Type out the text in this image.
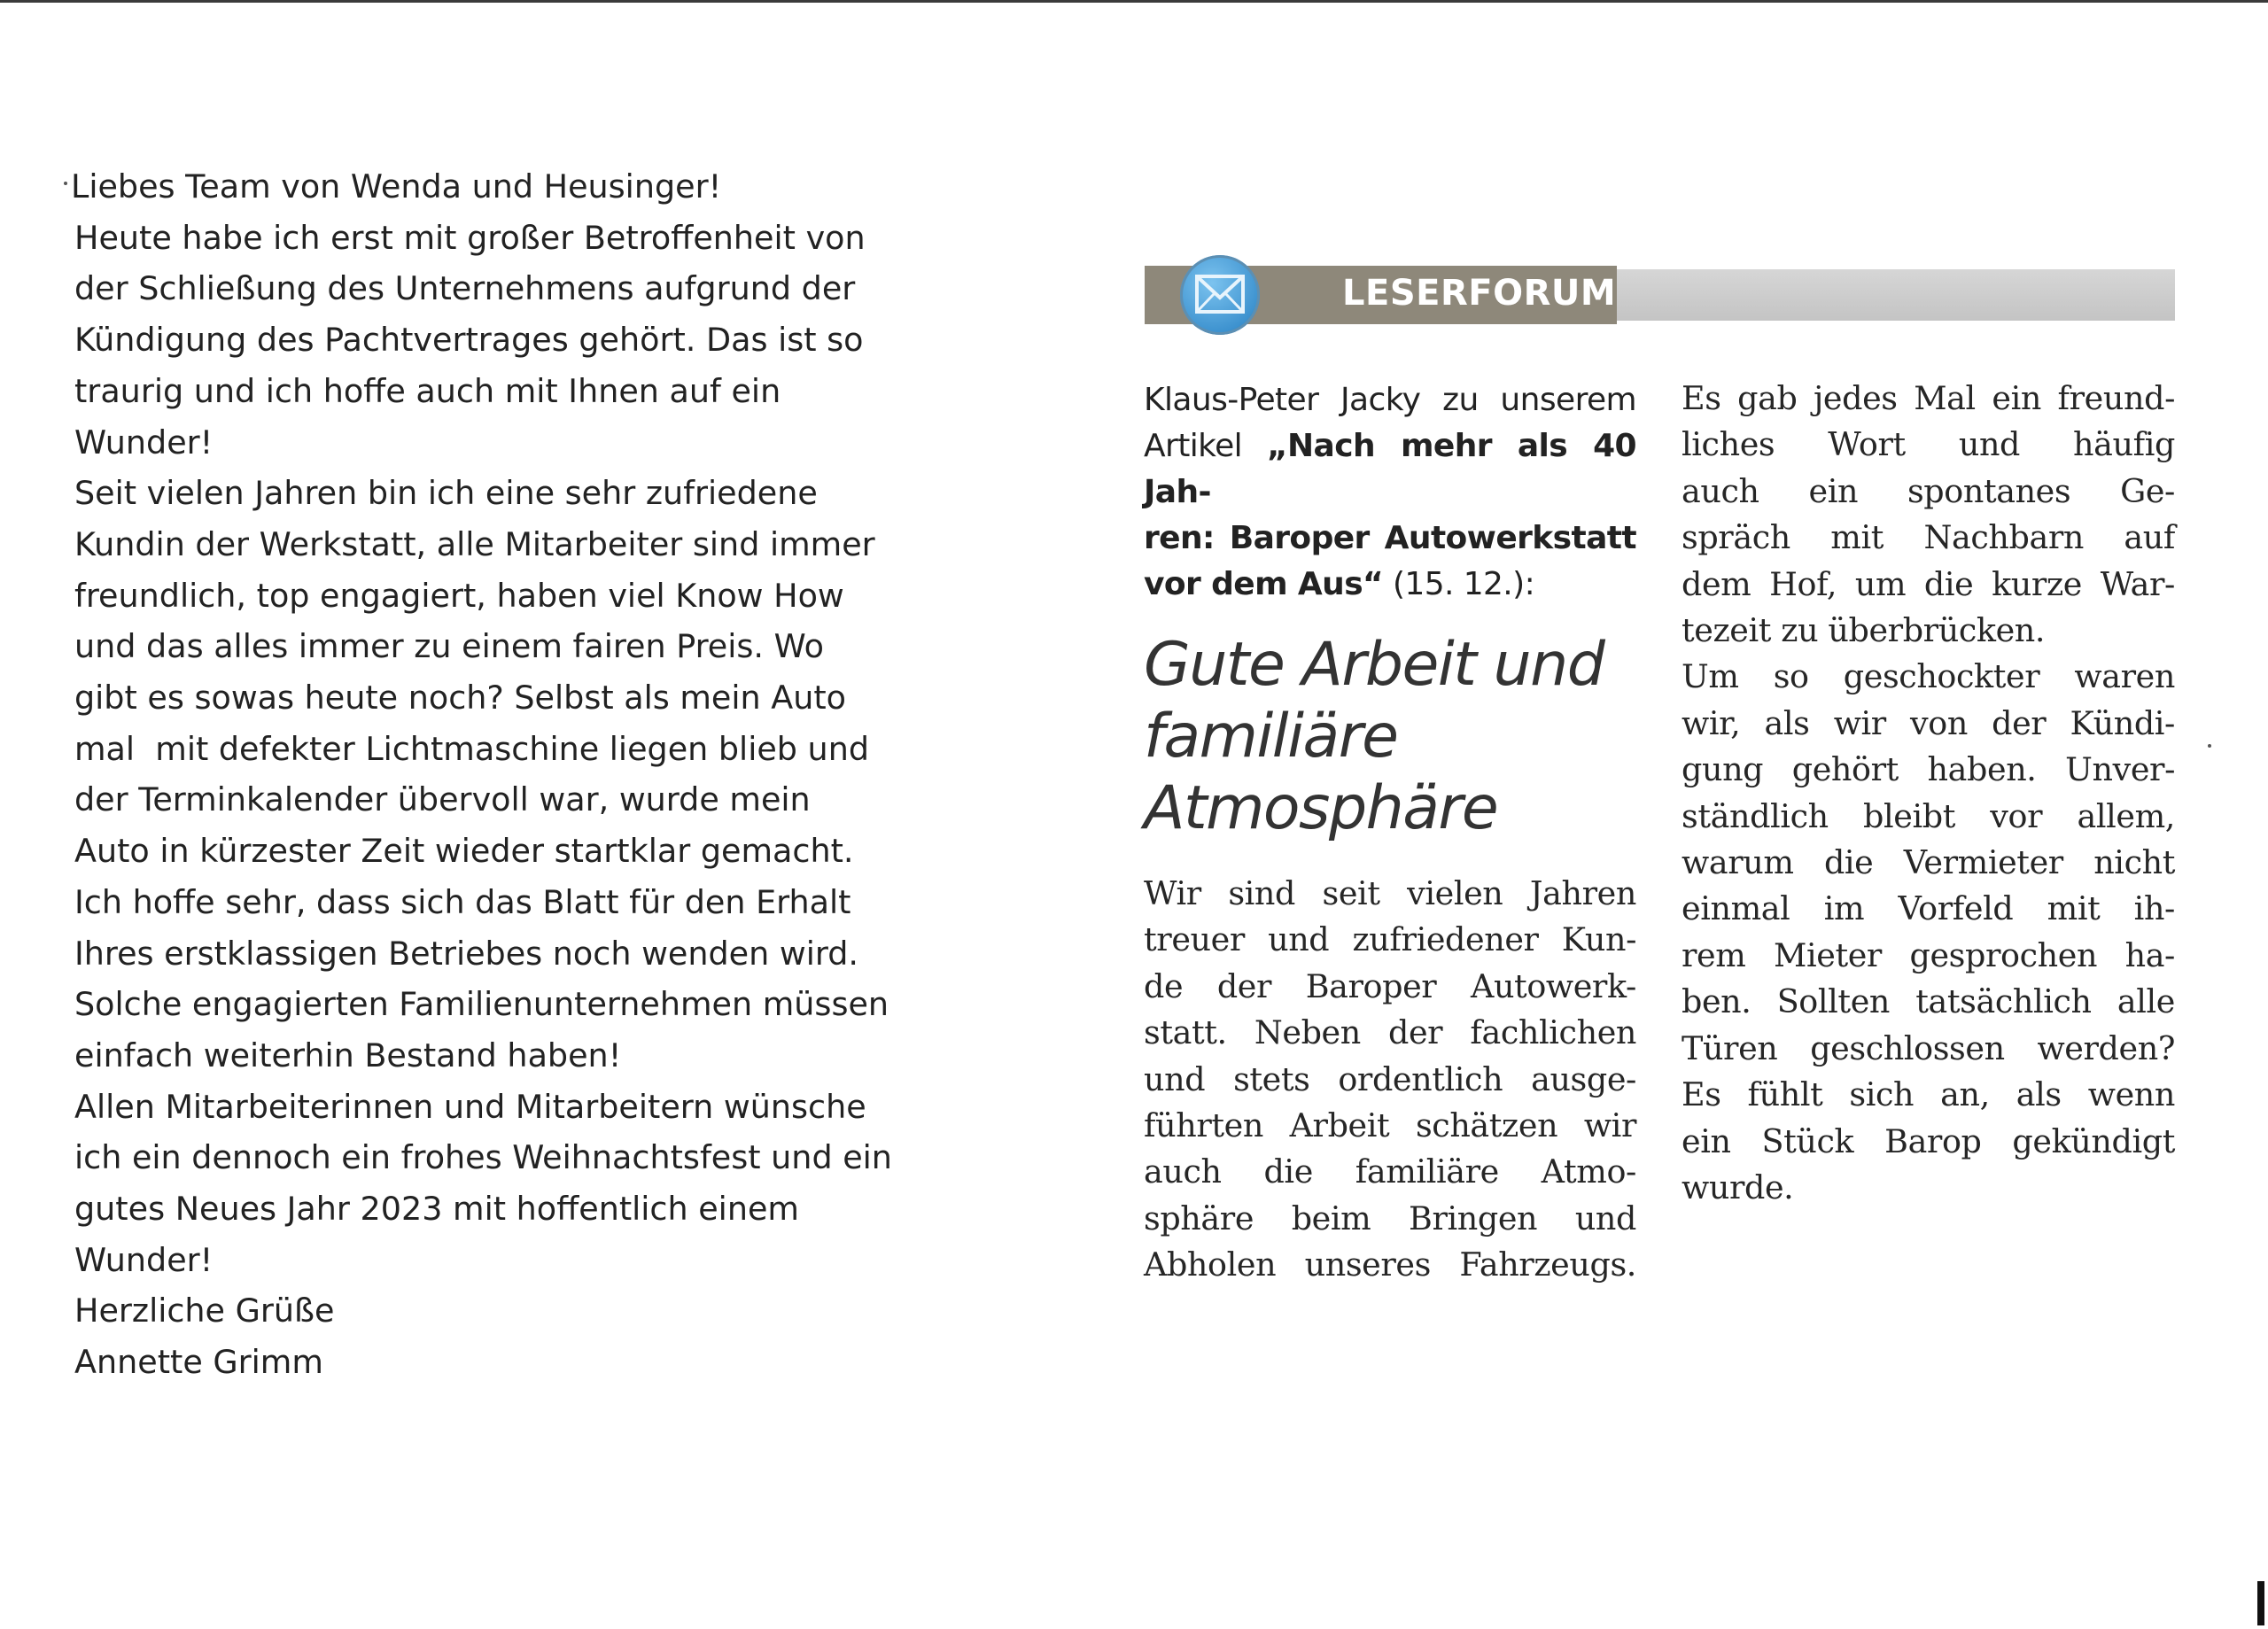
Liebes Team von Wenda und Heusinger!
Heute habe ich erst mit großer Betroffenheit von
der Schließung des Unternehmens aufgrund der
Kündigung des Pachtvertrages gehört. Das ist so
traurig und ich hoffe auch mit Ihnen auf ein
Wunder!
Seit vielen Jahren bin ich eine sehr zufriedene
Kundin der Werkstatt, alle Mitarbeiter sind immer
freundlich, top engagiert, haben viel Know How
und das alles immer zu einem fairen Preis. Wo
gibt es sowas heute noch? Selbst als mein Auto
mal  mit defekter Lichtmaschine liegen blieb und
der Terminkalender übervoll war, wurde mein
Auto in kürzester Zeit wieder startklar gemacht.
Ich hoffe sehr, dass sich das Blatt für den Erhalt
Ihres erstklassigen Betriebes noch wenden wird.
Solche engagierten Familienunternehmen müssen
einfach weiterhin Bestand haben!
Allen Mitarbeiterinnen und Mitarbeitern wünsche
ich ein dennoch ein frohes Weihnachtsfest und ein
gutes Neues Jahr 2023 mit hoffentlich einem
Wunder!
Herzliche Grüße
Annette Grimm
LESERFORUM
Klaus-Peter Jacky zu unserem
Artikel „Nach mehr als 40 Jah-
ren: Baroper Autowerkstatt
vor dem Aus“ (15. 12.):
Gute Arbeit und
familiäre
Atmosphäre
Wir sind seit vielen Jahren
treuer und zufriedener Kun-
de der Baroper Autowerk-
statt. Neben der fachlichen
und stets ordentlich ausge-
führten Arbeit schätzen wir
auch die familiäre Atmo-
sphäre beim Bringen und
Abholen unseres Fahrzeugs.
Es gab jedes Mal ein freund-
liches Wort und häufig
auch ein spontanes Ge-
spräch mit Nachbarn auf
dem Hof, um die kurze War-
tezeit zu überbrücken.
Um so geschockter waren
wir, als wir von der Kündi-
gung gehört haben. Unver-
ständlich bleibt vor allem,
warum die Vermieter nicht
einmal im Vorfeld mit ih-
rem Mieter gesprochen ha-
ben. Sollten tatsächlich alle
Türen geschlossen werden?
Es fühlt sich an, als wenn
ein Stück Barop gekündigt
wurde.
